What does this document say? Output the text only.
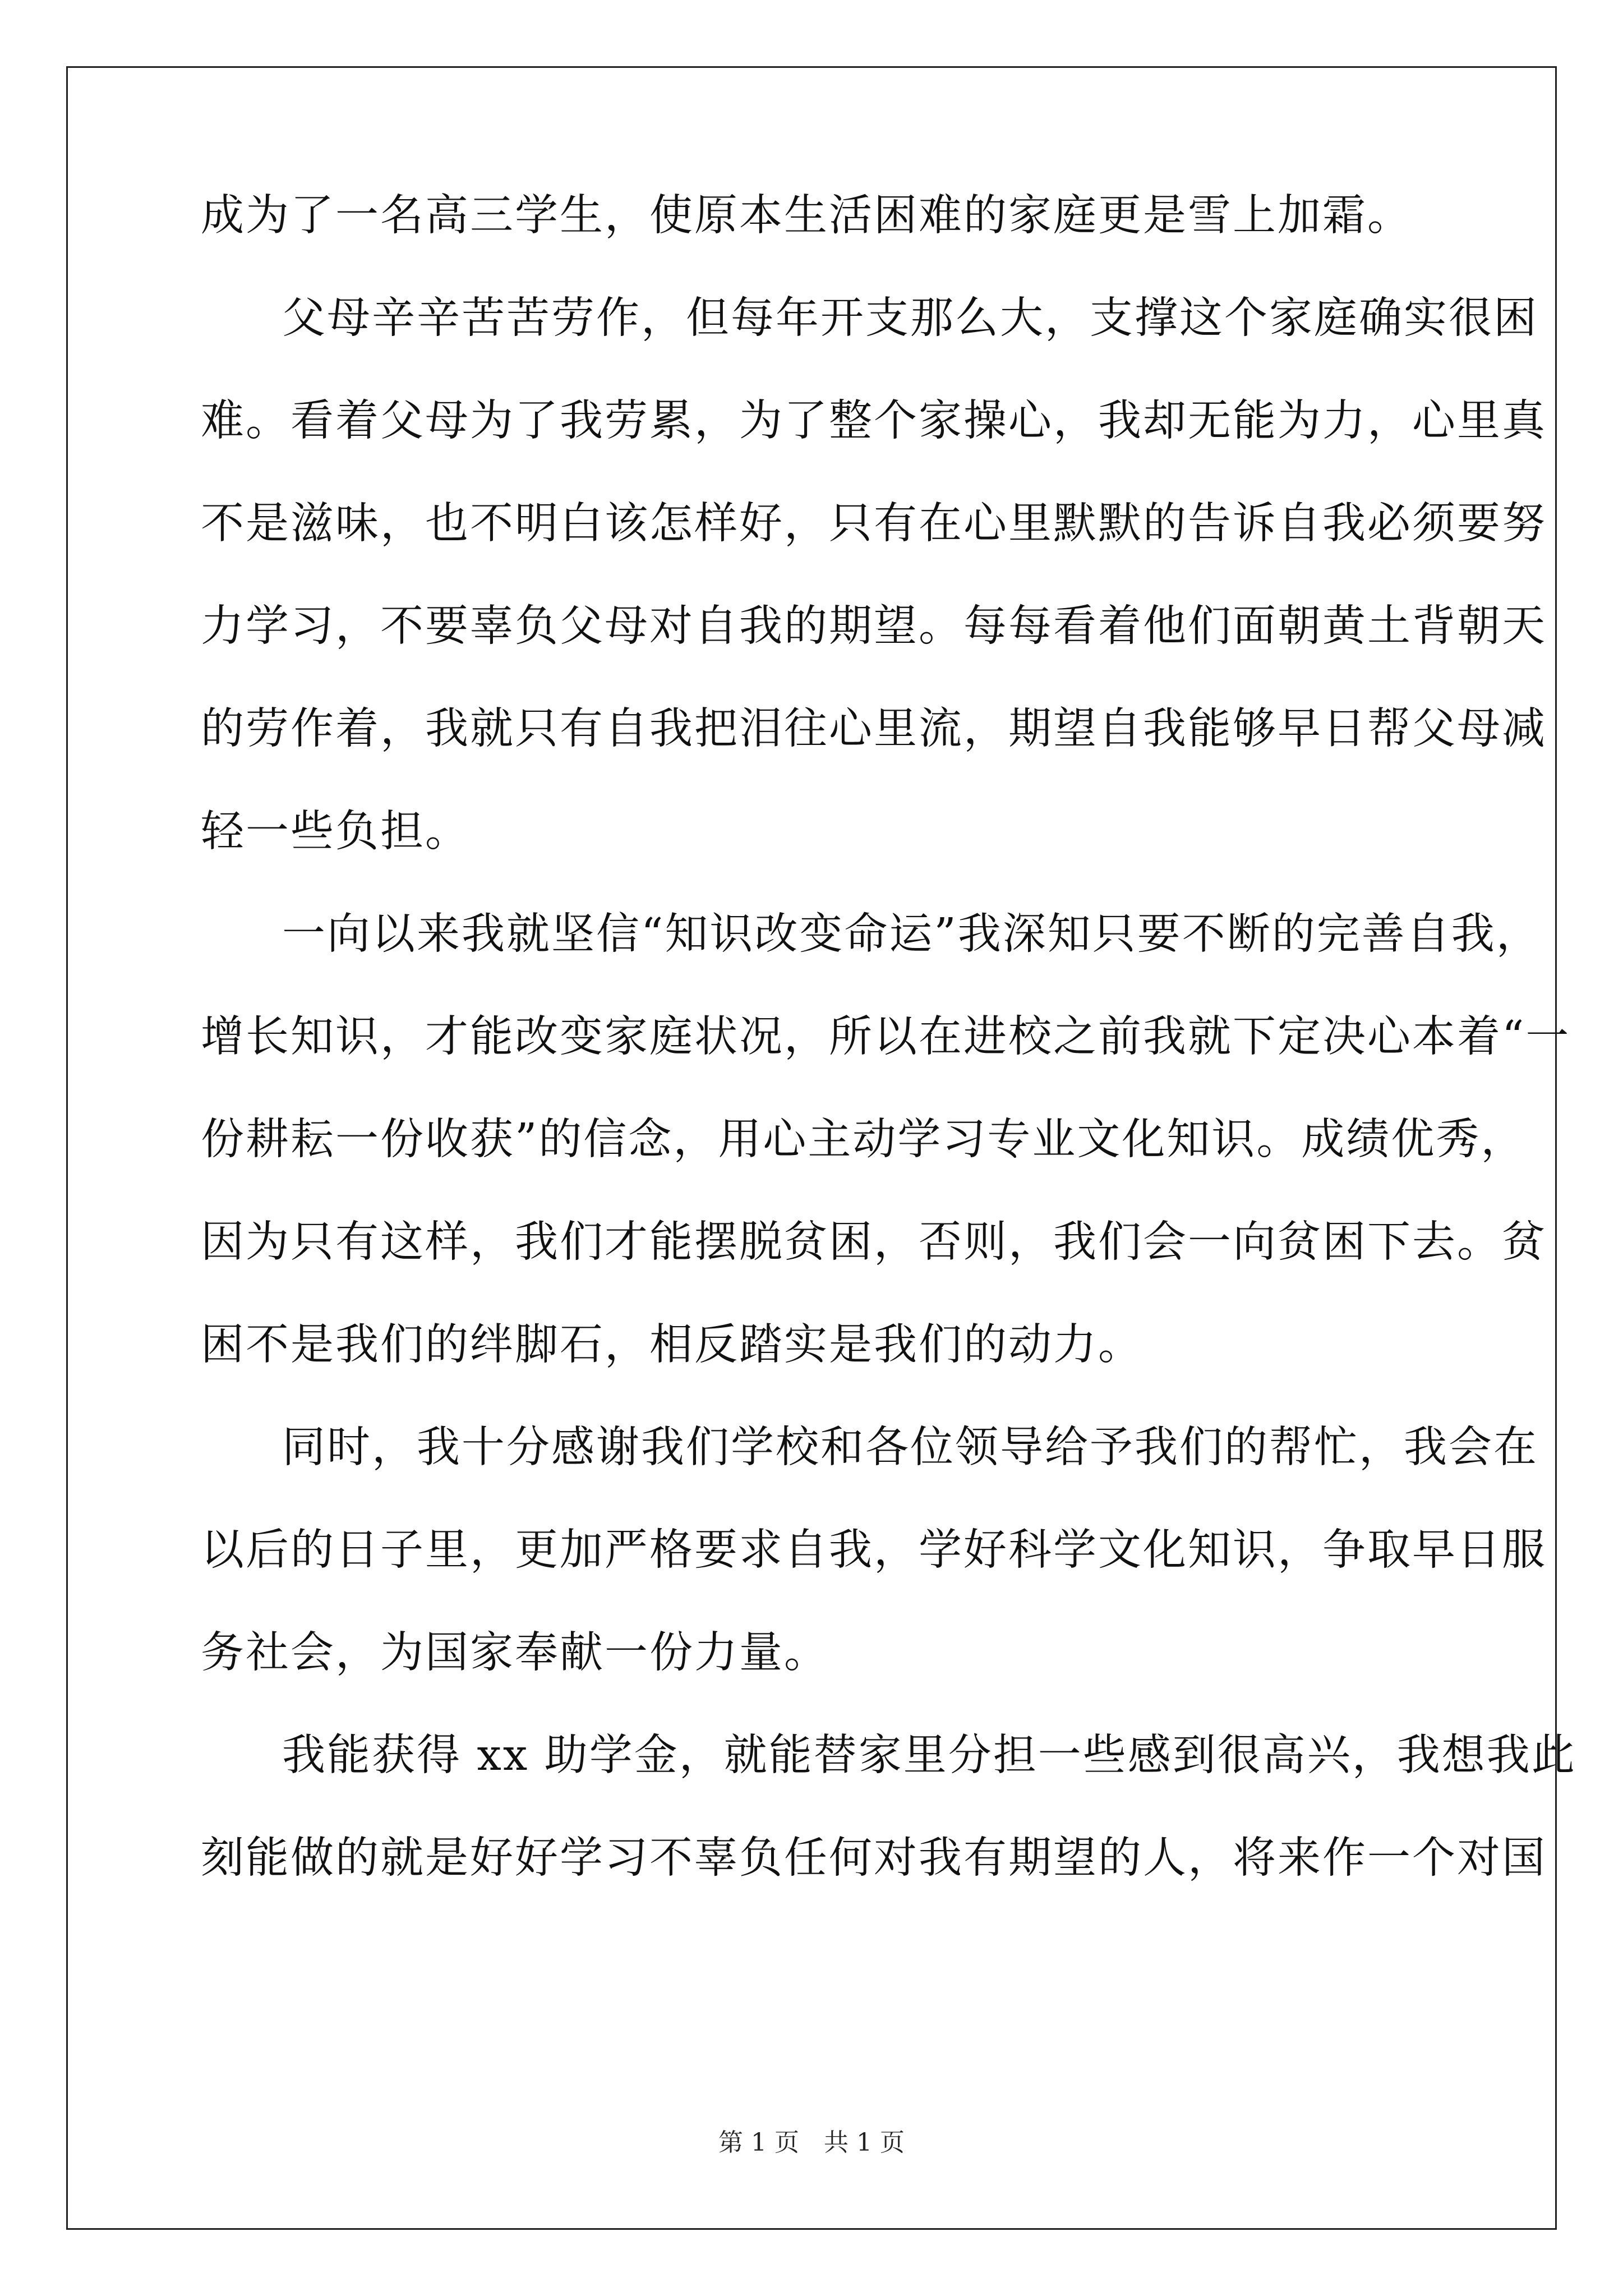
成为了一名高三学生，使原本生活困难的家庭更是雪上加霜。
父母辛辛苦苦劳作，但每年开支那么大，支撑这个家庭确实很困
难。看着父母为了我劳累，为了整个家操心，我却无能为力，心里真
不是滋味，也不明白该怎样好，只有在心里默默的告诉自我必须要努
力学习，不要辜负父母对自我的期望。每每看着他们面朝黄土背朝天
的劳作着，我就只有自我把泪往心里流，期望自我能够早日帮父母减
轻一些负担。
一向以来我就坚信“知识改变命运”我深知只要不断的完善自我，
增长知识，才能改变家庭状况，所以在进校之前我就下定决心本着“一
份耕耘一份收获”的信念，用心主动学习专业文化知识。成绩优秀，
因为只有这样，我们才能摆脱贫困，否则，我们会一向贫困下去。贫
困不是我们的绊脚石，相反踏实是我们的动力。
同时，我十分感谢我们学校和各位领导给予我们的帮忙，我会在
以后的日子里，更加严格要求自我，学好科学文化知识，争取早日服
务社会，为国家奉献一份力量。
我能获得 xx 助学金，就能替家里分担一些感到很高兴，我想我此
刻能做的就是好好学习不辜负任何对我有期望的人，将来作一个对国
第 1 页　共 1 页
